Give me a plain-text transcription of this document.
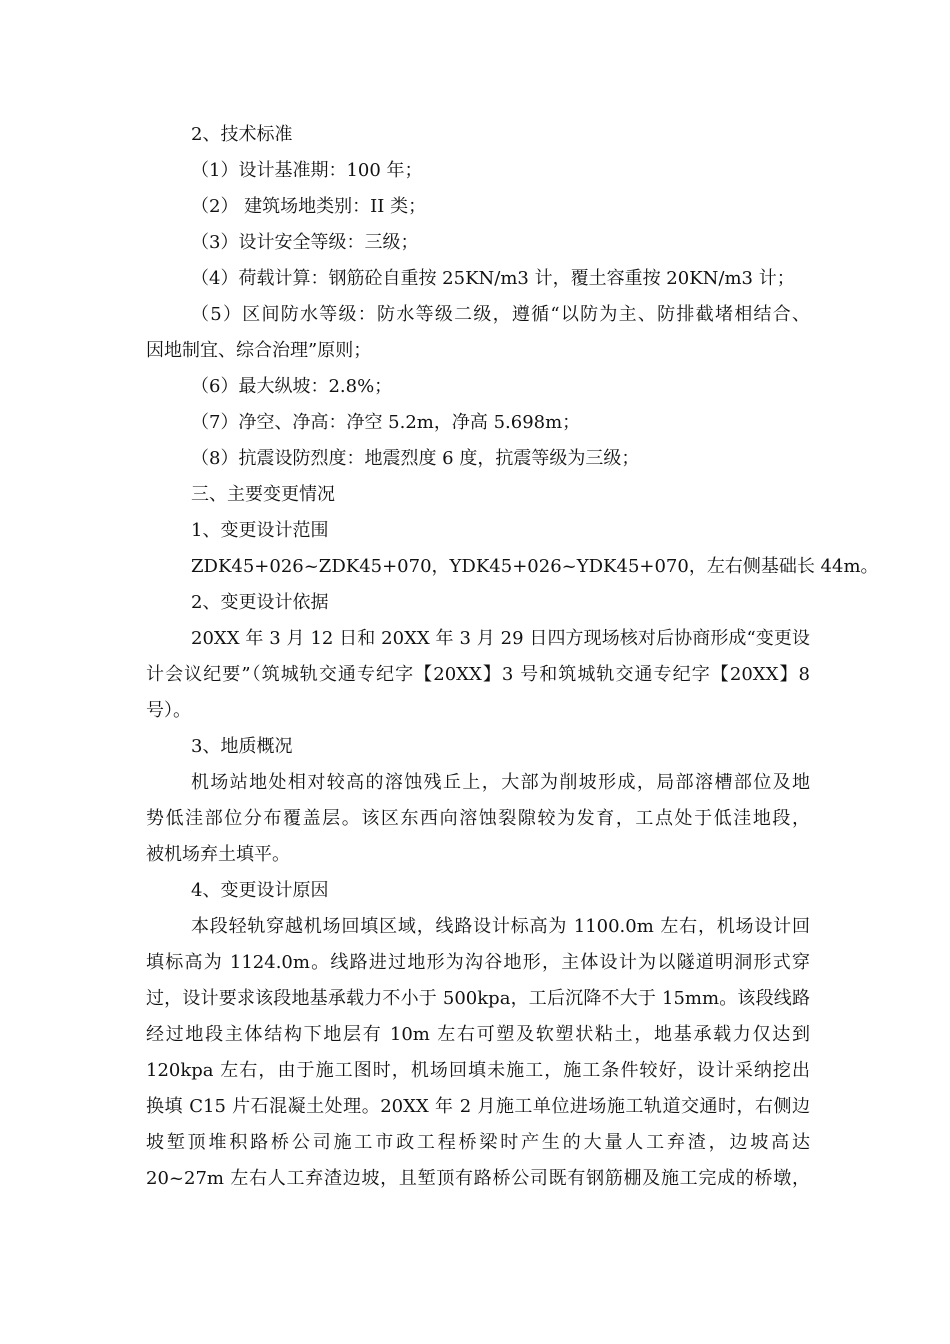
2、技术标准
（1）设计基准期：100 年；
（2） 建筑场地类别：II 类；
（3）设计安全等级：三级；
（4）荷载计算：钢筋砼自重按 25KN/m3 计，覆土容重按 20KN/m3 计；
（5）区间防水等级：防水等级二级，遵循“以防为主、防排截堵相结合、
因地制宜、综合治理”原则；
（6）最大纵坡：2.8%；
（7）净空、净高：净空 5.2m，净高 5.698m；
（8）抗震设防烈度：地震烈度 6 度，抗震等级为三级；
三、主要变更情况
1、变更设计范围
ZDK45+026~ZDK45+070，YDK45+026~YDK45+070，左右侧基础长 44m。
2、变更设计依据
20XX 年 3 月 12 日和 20XX 年 3 月 29 日四方现场核对后协商形成“变更设
计会议纪要”（筑城轨交通专纪字【20XX】3 号和筑城轨交通专纪字【20XX】8
号）。
3、地质概况
机场站地处相对较高的溶蚀残丘上，大部为削坡形成，局部溶槽部位及地
势低洼部位分布覆盖层。该区东西向溶蚀裂隙较为发育，工点处于低洼地段，
被机场弃土填平。
4、变更设计原因
本段轻轨穿越机场回填区域，线路设计标高为 1100.0m 左右，机场设计回
填标高为 1124.0m。线路进过地形为沟谷地形，主体设计为以隧道明洞形式穿
过，设计要求该段地基承载力不小于 500kpa，工后沉降不大于 15mm。该段线路
经过地段主体结构下地层有 10m 左右可塑及软塑状粘土，地基承载力仅达到
120kpa 左右，由于施工图时，机场回填未施工，施工条件较好，设计采纳挖出
换填 C15 片石混凝土处理。20XX 年 2 月施工单位进场施工轨道交通时，右侧边
坡堑顶堆积路桥公司施工市政工程桥梁时产生的大量人工弃渣，边坡高达
20~27m 左右人工弃渣边坡，且堑顶有路桥公司既有钢筋棚及施工完成的桥墩，
